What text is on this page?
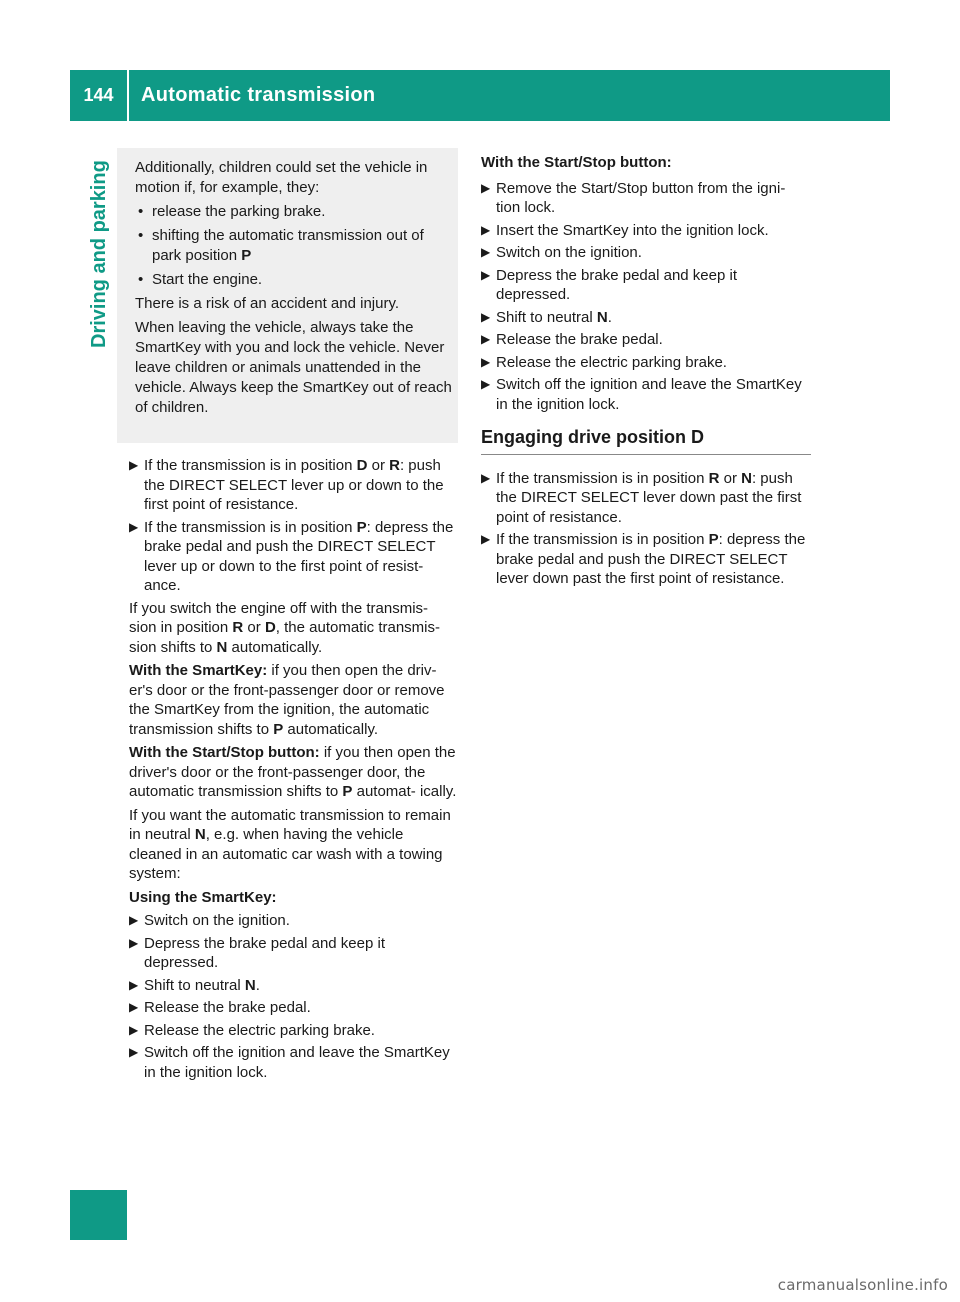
144	Automatic transmission
Driving and parking Additionally, children could set the vehicle in motion if, for example, they:

• release the parking brake.
• shifting the automatic transmission out of park position P
• Start the engine.

There is a risk of an accident and injury.

When leaving the vehicle, always take the SmartKey with you and lock the vehicle. Never leave children or animals unattended in the vehicle. Always keep the SmartKey out of reach of children.

▶ If the transmission is in position D or R: push the DIRECT SELECT lever up or down to the first point of resistance.
▶ If the transmission is in position P: depress the brake pedal and push the DIRECT SELECT lever up or down to the first point of resist- ance.

If you switch the engine off with the transmis- sion in position R or D, the automatic transmis- sion shifts to N automatically.

With the SmartKey: if you then open the driv- er's door or the front-passenger door or remove the SmartKey from the ignition, the automatic transmission shifts to P automatically.

With the Start/Stop button: if you then open the driver's door or the front-passenger door, the automatic transmission shifts to P automat- ically.

If you want the automatic transmission to remain in neutral N, e.g. when having the vehicle cleaned in an automatic car wash with a towing system:

Using the SmartKey:

▶ Switch on the ignition.
▶ Depress the brake pedal and keep it depressed.
▶ Shift to neutral N.
▶ Release the brake pedal.
▶ Release the electric parking brake.
▶ Switch off the ignition and leave the SmartKey in the ignition lock.

With the Start/Stop button:

▶ Remove the Start/Stop button from the igni- tion lock.
▶ Insert the SmartKey into the ignition lock.
▶ Switch on the ignition.
▶ Depress the brake pedal and keep it depressed.
▶ Shift to neutral N.
▶ Release the brake pedal.
▶ Release the electric parking brake.
▶ Switch off the ignition and leave the SmartKey in the ignition lock.
Engaging drive position D
▶ If the transmission is in position R or N: push the DIRECT SELECT lever down past the first point of resistance.
▶ If the transmission is in position P: depress the brake pedal and push the DIRECT SELECT lever down past the first point of resistance.
carmanualsonline.info
